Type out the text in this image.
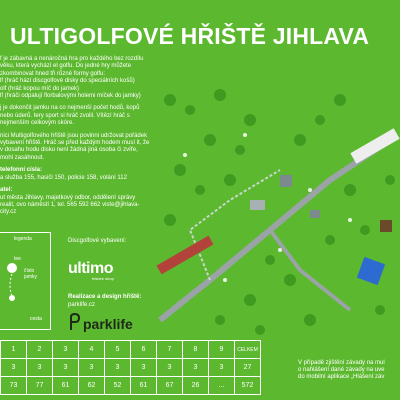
ULTIGOLFOVÉ HŘIŠTĚ JIHLAVA

f je zábavná a nenáročná hra pro každého bez rozdílu věku, která vychází el golfu. Do jedné hry můžete zkombinovat hned tři různé formy golfu:
lf (hráč hází discgolfové disky do speciálních košů)
olf (hráč kopou míč do jamek)
lf (hráči odpalují florbalovými holemi míček do jamky)

j je dokončit jamku na co nejmenší počet hodů, kopů nebo úderů. tery sport si hráč zvolil. Vítězí hráč s nejmenším celkovým skóre.

nici Multigolfového hřiště jsou povinni udržovat pořádek vybavení hřiště. Hráč se před každým hodem musí it, že v dosahu hodu disku není žádná jiná osoba či zvíře, mohl zasáhnout.

telefonní císla:
a služba 155, hasiči 150, policie 158, volání 112

atel:
ut města Jihlavy, majetkový odbor, oddělení správy realit, ovo náměstí 1, tel. 565 592 662 viste@jihlava-city.cz

legenda
tee
číslo jamky
cesta
Discgolfové vybavení:
ultimo
frisbee shop
Realizace a design hřiště:
parklife.cz
parklife
1	2	3	4	5	6	7	8	9	CELKEM
3	3	3	3	3	3	3	3	3	27
73	77	61	62	52	61	67	26	...	572
V případě zjištění závady na mul
o nahlášení dané závady na uve
do mobilní aplikace „Hlášení záv
